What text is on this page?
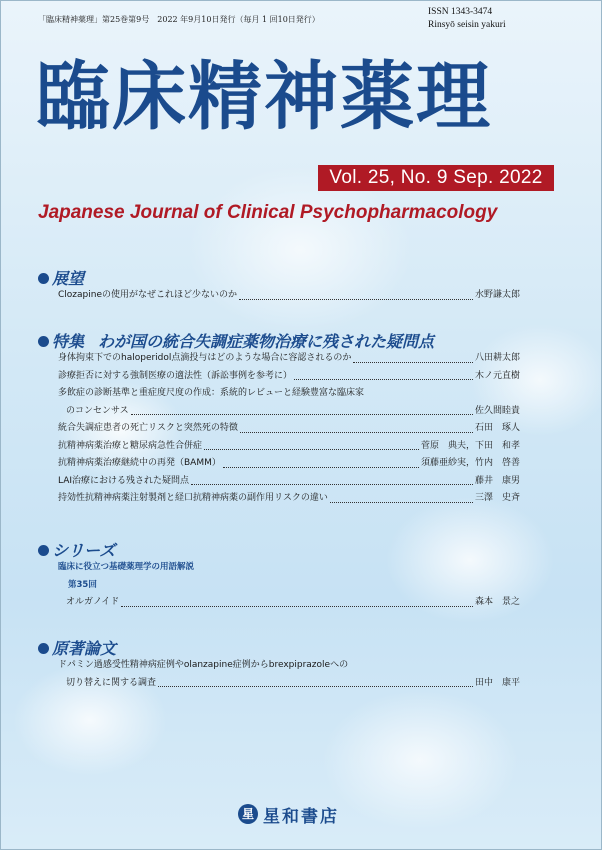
「臨床精神薬理」第25巻第9号　2022 年9月10日発行（毎月 1 回10日発行）
ISSN 1343-3474
Rinsyō seisin yakuri
臨床精神薬理
Vol. 25, No. 9 Sep. 2022
Japanese Journal of Clinical Psychopharmacology
展望
Clozapineの使用がなぜこれほど少ないのか	水野謙太郎
特集 わが国の統合失調症薬物治療に残された疑問点
身体拘束下でのhaloperidol点滴投与はどのような場合に容認されるのか	八田耕太郎
診療拒否に対する強制医療の適法性（訴訟事例を参考に）	木ノ元直樹
多飲症の診断基準と重症度尺度の作成：系統的レビューと経験豊富な臨床家
のコンセンサス	佐久間睦貴
統合失調症患者の死亡リスクと突然死の特徴	石田　琢人
抗精神病薬治療と糖尿病急性合併症	菅原　典夫，下田　和孝
抗精神病薬治療継続中の再発（BAMM）	須藤亜紗実，竹内　啓善
LAI治療における残された疑問点	藤井　康男
持効性抗精神病薬注射製剤と経口抗精神病薬の副作用リスクの違い	三澤　史斉
シリーズ
臨床に役立つ基礎薬理学の用語解説
第35回
オルガノイド	森本　景之
原著論文
ドパミン過感受性精神病症例やolanzapine症例からbrexpiprazoleへの
切り替えに関する調査	田中　康平
星 星和書店
